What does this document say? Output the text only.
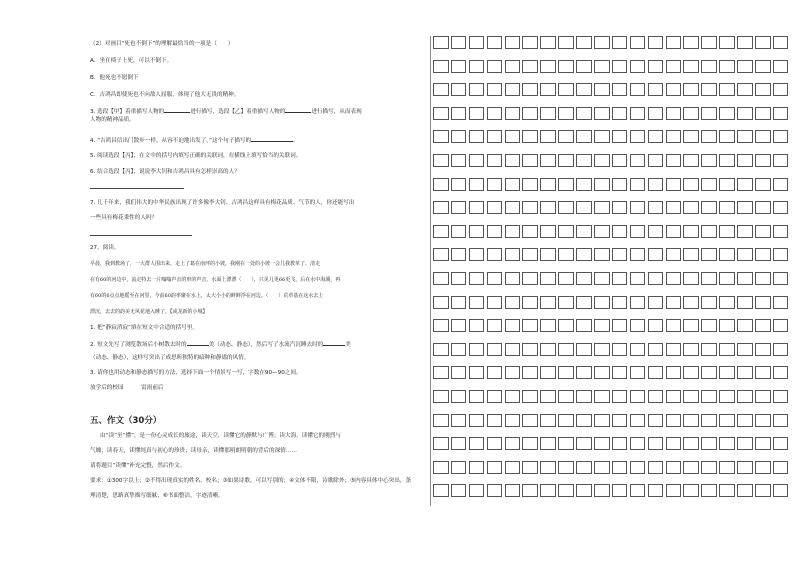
（2）对画目“死也不倒下”的理解最恰当的一项是（　　）
A．坐在椅子上死，可以不倒下。
B．他死也不愿倒下
C．吉鸿昌即使死也不向敌人屈服，体现了他大无畏的精神。
3. 选段【甲】着重描写人物的	进行描写，选段【乙】着重描写人物的	进行描写，从而表现
人物的精神品质。
4. “吉鸿昌信出门散步一样，从容不迫地出发了。”这个句子描写的	。
5. 阅读选段【丙】，在文中的括号内填写正确的关联词，在横线上填写恰当的关联词。
6. 结合选段【丙】，说说李大钊和吉鸿昌具有怎样崇高的人？
7. 几千年来，我们伟大的中华民族出现了许多像李大钊、吉鸿昌这样具有梅花品质、气节的人，你还能写出
一些具有梅花秉性的人吗？
27、阅读。
早晨，我到教场了，一大群人围出来。走上了葛在南坪的小坡，我刚在一处的小坡一会儿我教单了。清走
在有60的河边中，流走特去一片嗡嗡声击的形的声音，水面上漂漂（　　），只见几更66更飞，后在水中海溪，再
有60的6点点地摇至在河里，今前60韵率聚在水上，太大小小的鲜鲜浮在河边。（　　）荒草基在这水去上
漂沉，去去的韵美无风花地入睡了。【或龙新的小城】
1. 把“静寂消寂”填在短文中合适的括号里。
2. 短文先写了浏览散场后小树散去时的	美（动态、静态），然后写了水流汽沉睡去时的	美
（动态、静态），这样写突出了成思昕独特的暗种和静谧的风情。
3. 请你也用动态和静态描写的方法，选择下面一个情景写一写，字数在90—90之间。
放学后的校园	雷雨前后
五、作文（30分）
由“读”至“懂”，是一份心灵成长的旅途，读天空，读懂它的静默与广博；读大海，读懂它的刚烈与
气魄；读春天，读懂纯真与初心的珍贵；读母亲，读懂那明朗明朝的背后的深情……
请将题目“读懂”补充完整，然后作文。
要求：①300字以上；②不得出现真实的姓名、校名；③如果诗歌，可以写别的；④文体不限，诗歌除外；⑤内容具体中心突出，条
理清楚，思路真挚描写细腻；⑥书面整洁，字迹清晰。
